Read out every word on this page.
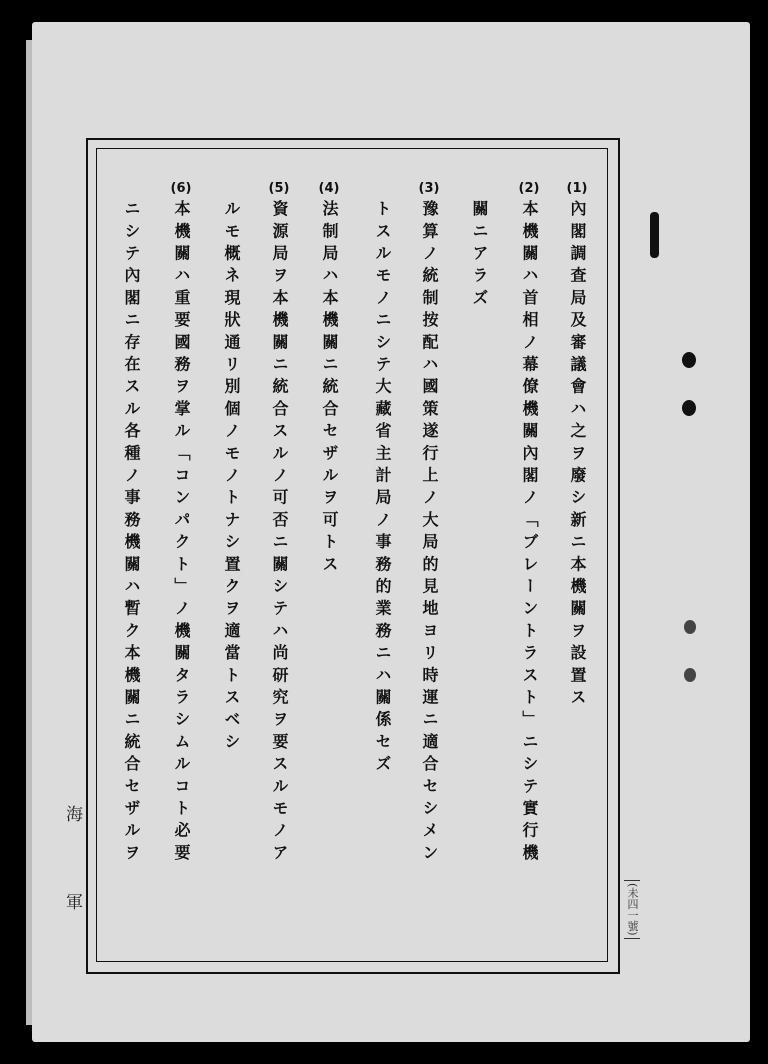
(1)
內閣調査局及審議會ハ之ヲ廢シ新ニ本機關ヲ設置ス
(2)
本機關ハ首相ノ幕僚機關內閣ノ「ブレーントラスト」ニシテ實行機
關ニアラズ
(3)
豫算ノ統制按配ハ國策遂行上ノ大局的見地ヨリ時運ニ適合セシメン
トスルモノニシテ大藏省主計局ノ事務的業務ニハ關係セズ
(4)
法制局ハ本機關ニ統合セザルヲ可トス
(5)
資源局ヲ本機關ニ統合スルノ可否ニ關シテハ尚研究ヲ要スルモノア
ルモ概ネ現狀通リ別個ノモノトナシ置クヲ適當トスベシ
(6)
本機關ハ重要國務ヲ掌ル「コンパクト」ノ機關タラシムルコト必要
ニシテ內閣ニ存在スル各種ノ事務機關ハ暫ク本機關ニ統合セザルヲ
海
軍	(未四一號)
